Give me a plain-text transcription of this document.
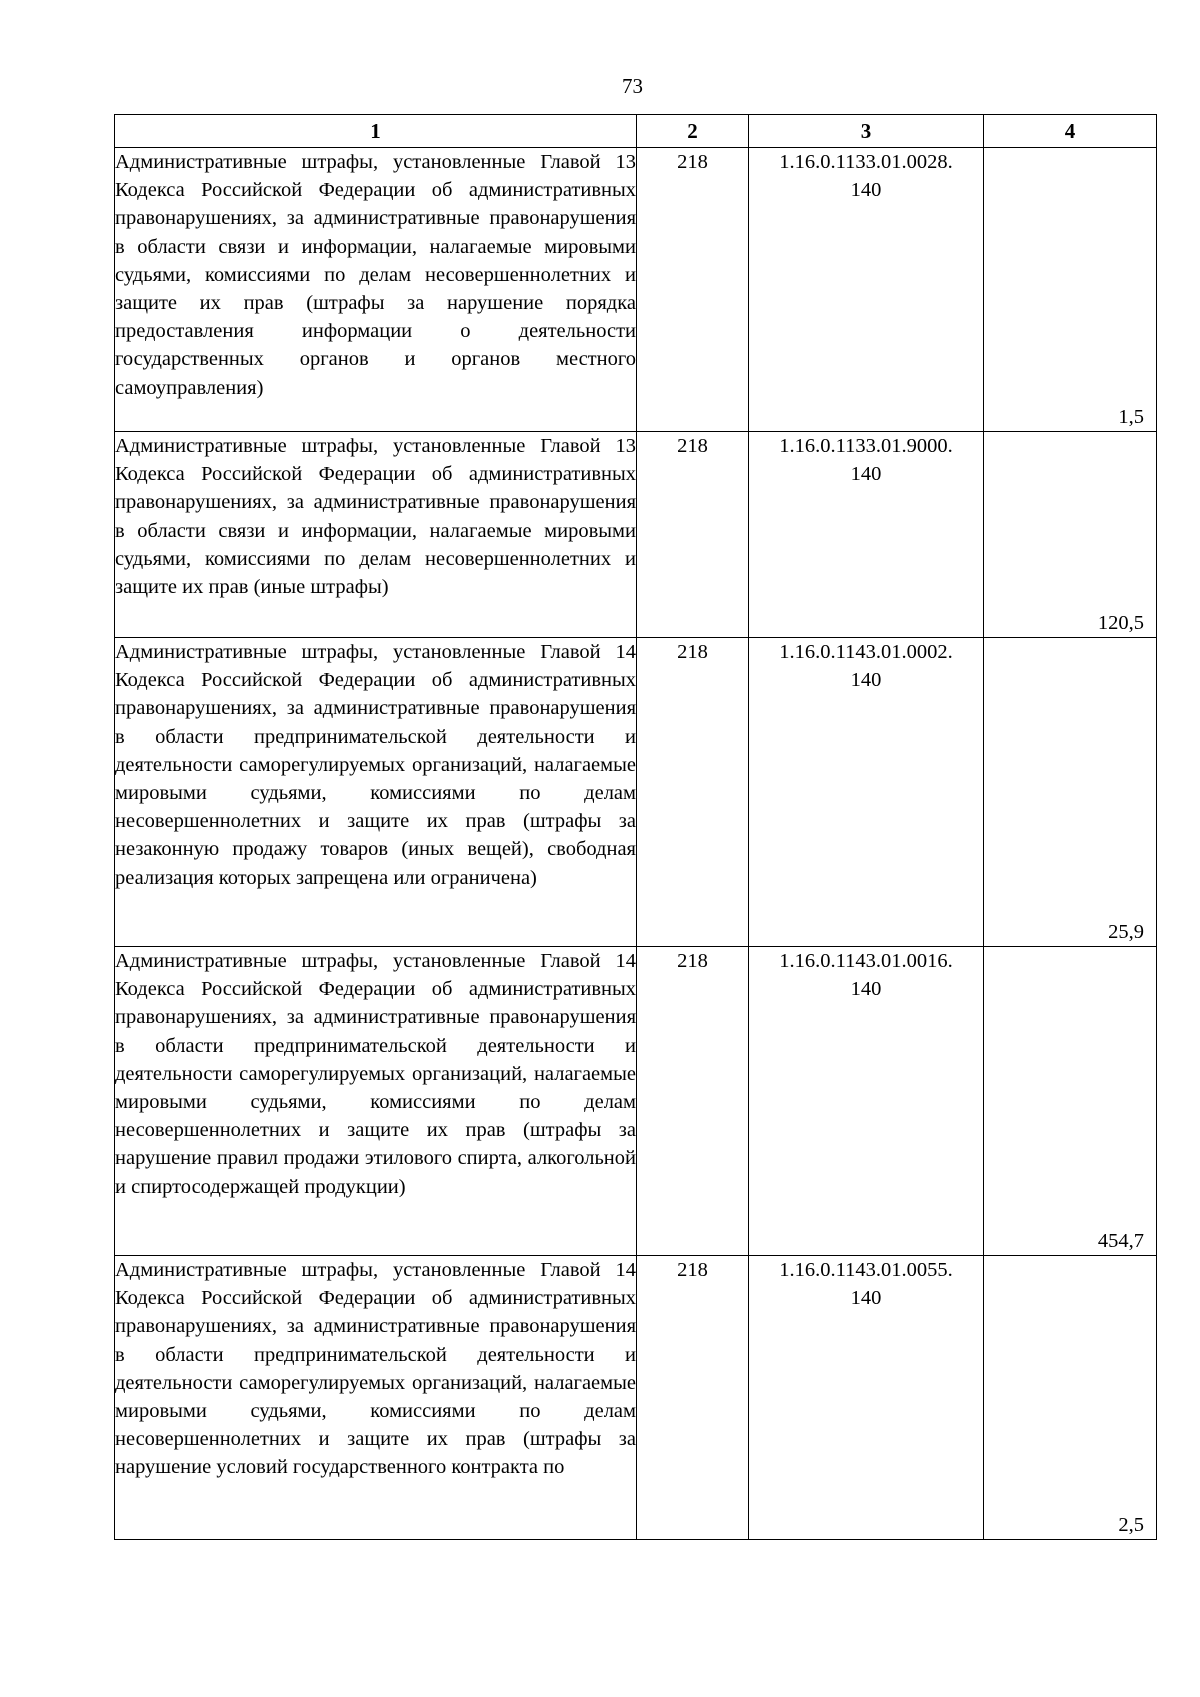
73
1	2	3	4
Административные штрафы, установленные Главой 13 Кодекса Российской Федерации об административных правонарушениях, за административные правонарушения в области связи и информации, налагаемые мировыми судьями, комиссиями по делам несовершеннолетних и защите их прав (штрафы за нарушение порядка предоставления информации о деятельности государственных органов и органов местного самоуправления)	218	1.16.0.1133.01.0028.
140	1,5

Административные штрафы, установленные Главой 13 Кодекса Российской Федерации об административных правонарушениях, за административные правонарушения в области связи и информации, налагаемые мировыми судьями, комиссиями по делам несовершеннолетних и защите их прав (иные штрафы)	218	1.16.0.1133.01.9000.
140	120,5

Административные штрафы, установленные Главой 14 Кодекса Российской Федерации об административных правонарушениях, за административные правонарушения в области предпринимательской деятельности и деятельности саморегулируемых организаций, налагаемые мировыми судьями, комиссиями по делам несовершеннолетних и защите их прав (штрафы за незаконную продажу товаров (иных вещей), свободная реализация которых запрещена или ограничена)	218	1.16.0.1143.01.0002.
140	25,9

Административные штрафы, установленные Главой 14 Кодекса Российской Федерации об административных правонарушениях, за административные правонарушения в области предпринимательской деятельности и деятельности саморегулируемых организаций, налагаемые мировыми судьями, комиссиями по делам несовершеннолетних и защите их прав (штрафы за нарушение правил продажи этилового спирта, алкогольной и спиртосодержащей продукции)	218	1.16.0.1143.01.0016.
140	454,7

Административные штрафы, установленные Главой 14 Кодекса Российской Федерации об административных правонарушениях, за административные правонарушения в области предпринимательской деятельности и деятельности саморегулируемых организаций, налагаемые мировыми судьями, комиссиями по делам несовершеннолетних и защите их прав (штрафы за нарушение условий государственного контракта по	218	1.16.0.1143.01.0055.
140	2,5
